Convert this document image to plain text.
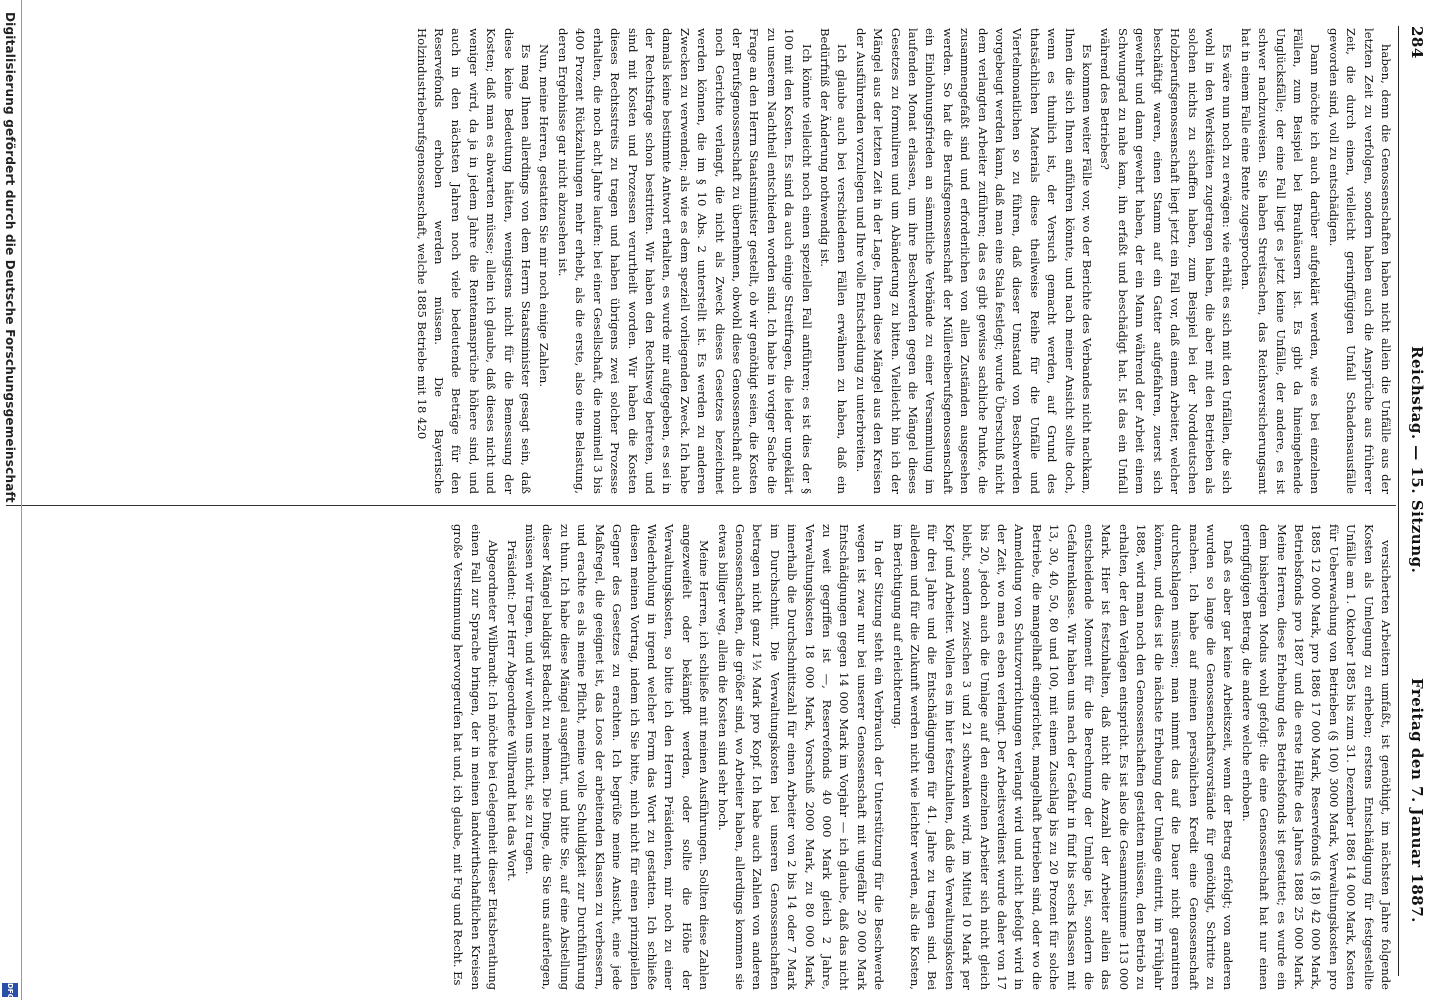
284
Reichstag. — 15. Sitzung.
Freitag den 7. Januar 1887.

haben, denn die Genossenschaften haben nicht allein die Unfälle aus der letzten Zeit zu verfolgen, sondern haben auch die Ansprüche aus früherer Zeit, die durch einen, vielleicht geringfügigen Unfall Schadensausfälle geworden sind, voll zu entschädigen.

Dann möchte ich auch darüber aufgeklärt werden, wie es bei einzelnen Fällen, zum Beispiel bei Brauhäusern ist. Es gibt da hineingehende Unglücksfälle; der eine Fall liegt es jetzt keine Unfälle, der andere, es ist schwer nachzuweisen. Sie haben Streitsachen, das Reichsversicherungsamt hat in einem Falle eine Rente zugesprochen.

Es wäre nun noch zu erwägen: wie erhält es sich mit den Unfällen, die sich wohl in den Werkstätten zugetragen haben, die aber mit den Betrieben als solchen nichts zu schaffen haben, zum Beispiel bei der Norddeutschen Holzberufsgenossenschaft liegt jetzt ein Fall vor, daß einem Arbeiter, welcher beschäftigt waren, einen Stamm auf ein Gatter aufgefahren, zuerst sich gewehrt und dann gewehrt haben, der ein Mann während der Arbeit einem Schwungrad zu nahe kam, ihn erfaßt und beschädigt hat. Ist das ein Unfall während des Betriebes?

Es kommen weiter Fälle vor, wo der Berichte des Verbandes nicht nachkam, Ihnen die sich Ihnen anführen könnte, und nach meiner Ansicht sollte doch, wenn es thunlich ist, der Versuch gemacht werden, auf Grund des thatsächlichen Materials diese theilweise Reihe für die Unfälle und Viertelmonatlichen so zu führen, daß dieser Umstand von Beschwerden vorgebeugt werden kann, daß man eine Stala festlegt; wurde Überschuß nicht dem verlangten Arbeiter zuführen; das es gibt gewisse sachliche Punkte, die zusammengefaßt sind und erforderlichen von allen Zuständen ausgesehen werden. So hat die Berufsgenossenschaft der Müllereiberufsgenossenschaft ein Einlohnungsfrieden an sämmtliche Verbände zu einer Versammlung im laufenden Monat erlassen, um ihre Beschwerden gegen die Mängel dieses Gesetzes zu formuliren und um Abänderung zu bitten. Vielleicht bin ich der Mängel aus der letzten Zeit in der Lage, Ihnen diese Mängel aus den Kreisen der Ausführenden vorzulegen und Ihre volle Entscheidung zu unterbreiten.

Ich glaube auch bei verschiedenen Fällen erwähnen zu haben, daß ein Bedürfniß der Änderung nothwendig ist.

Ich könnte vielleicht noch einen speziellen Fall anführen; es ist dies der § 100 mit den Kosten. Es sind da auch einige Streitfragen, die leider ungeklärt zu unserem Nachtheil entschieden worden sind. Ich habe in voriger Sache die Frage an den Herrn Staatsminister gestellt, ob wir genöthigt seien, die Kosten der Berufsgenossenschaft zu übernehmen, obwohl diese Genossenschaft auch noch Gerichte verlangt, die nicht als Zweck dieses Gesetzes bezeichnet werden können, die im § 10 Abs. 2 unterstellt ist. Es werden zu anderen Zwecken zu verwenden; als wie es dem speziell vorliegenden Zweck. Ich habe damals keine bestimmte Antwort erhalten, es wurde mir aufgegeben, es sei in der Rechtsfrage schon bestritten. Wir haben den Rechtsweg betreten, und sind mit Kosten und Prozessen verurtheilt worden. Wir haben die Kosten dieses Rechtsstreits zu tragen und haben übrigens zwei solcher Prozesse erhalten, die noch acht Jahre laufen: bei einer Gesellschaft, die nominell 3 bis 400 Prozent Rückzahlungen mehr erhebt, als die erste, also eine Belastung, deren Ergebnisse gar nicht abzusehen ist.

Nun, meine Herren, gestatten Sie mir noch einige Zahlen.

Es mag Ihnen allerdings von dem Herrn Staatsminister gesagt sein, daß diese keine Bedeutung hätten, wenigstens nicht für die Bemessung der Kosten; daß man es abwarten müsse; allein ich glaube, daß dieses nicht und weniger wird, da ja in jedem Jahre die Rentenansprüche höhere sind, und auch in den nächsten Jahren noch viele bedeutende Beträge für den Reservefonds erhoben werden müssen. Die Bayerische Holzindustrieberufsgenossenschaft, welche 1885 Betriebe mit 18 420

versicherten Arbeitern umfaßt, ist genöthigt, im nächsten Jahre folgende Kosten als Umlegung zu erheben; erstens Entschädigung für festgestellte Unfälle am 1. Oktober 1885 bis zum 31. Dezember 1886 14 000 Mark, Kosten für Ueberwachung von Betrieben (§ 100) 3000 Mark, Verwaltungskosten pro 1885 12 000 Mark, pro 1886 17 000 Mark, Reservefonds (§ 18) 42 000 Mark, Betriebsfonds pro 1887 und die erste Hälfte des Jahres 1888 25 000 Mark. Meine Herren, diese Erhebung des Betriebsfonds ist gestattet; es wurde ein dem bisherigen Modus wohl gefolgt: die eine Genossenschaft hat nur einen geringfügigen Betrag, die andere welche erhoben.

Daß es aber gar keine Arbeitszeit, wenn der Betrag erfolgt; von anderen wurden so lange die Genossenschaftsvorstände für genöthigt, Schritte zu machen. Ich habe auf meinen persönlichen Kredit eine Genossenschaft durchschlagen müssen; man nimmt das auf die Dauer nicht garantiren können, und dies ist die nächste Erhebung der Umlage eintritt, im Frühjahr 1888, wird man noch den Genossenschaften gestatten müssen, den Betrieb zu erhalten, der den Verlagen entspricht. Es ist also die Gesammtsumme 113 000 Mark. Hier ist festzuhalten, daß nicht die Anzahl der Arbeiter allein das entscheidende Moment für die Berechnung der Umlage ist, sondern die Gefahrenklasse. Wir haben uns nach der Gefahr in fünf bis sechs Klassen mit 13, 30, 40, 50, 80 und 100, mit einem Zuschlag bis zu 20 Prozent für solche Betriebe, die mangelhaft eingerichtet, mangelhaft betrieben sind, oder wo die Anmeldung von Schutzvorrichtungen verlangt wird und nicht befolgt wird in der Zeit, wo man es eben verlangt. Der Arbeitsverdienst wurde daher von 17 bis 20, jedoch auch die Umlage auf den einzelnen Arbeiter sich nicht gleich bleibt, sondern zwischen 3 und 21 schwanken wird, im Mittel 10 Mark per Kopf und Arbeiter. Wollen es im hier festzuhalten, daß die Verwaltungskosten für drei Jahre und die Entschädigungen für 41. Jahre zu tragen sind. Bei alledem und für die Zukunft werden nicht wie leichter werden, als die Kosten, im Berichtigung auf erleichterung.

In der Sitzung steht ein Verbrauch der Unterstützung für die Beschwerde wegen ist zwar nur bei unserer Genossenschaft mit ungefähr 20 000 Mark Entschädigungen gegen 14 000 Mark im Vorjahr — ich glaube, daß das nicht zu weit gegriffen ist —, Reservefonds 40 000 Mark gleich 2 Jahre, Verwaltungskosten 18 000 Mark, Vorschuß 2000 Mark, zu 80 000 Mark, innerhalb die Durchschnittszahl für einen Arbeiter von 2 bis 14 oder 7 Mark im Durchschnitt. Die Verwaltungskosten bei unseren Genossenschaften betragen nicht ganz 1½ Mark pro Kopf. Ich habe auch Zahlen von anderen Genossenschaften, die größer sind, wo Arbeiter haben, allerdings kommen sie etwas billiger weg, allein die Kosten sind sehr hoch.

Meine Herren, ich schließe mit meinen Ausführungen. Sollten diese Zahlen angezweifelt oder bekämpft werden, oder sollte die Höhe der Verwaltungskosten, so bitte ich den Herrn Präsidenten, mir noch zu einer Wiederholung in irgend welcher Form das Wort zu gestatten. Ich schließe diesen meinen Vortrag, indem ich Sie bitte, mich nicht für einen prinzipiellen Gegner des Gesetzes zu erachten. Ich begrüße meine Ansicht, eine jede Maßregel, die geeignet ist, das Loos der arbeitenden Klassen zu verbessern, und erachte es als meine Pflicht, meine volle Schuldigkeit zur Durchführung zu thun. Ich habe diese Mängel ausgeführt, und bitte Sie, auf eine Abstellung dieser Mängel baldigst Bedacht zu nehmen. Die Dinge, die Sie uns auferlegen, müssen wir tragen, und wir wollen uns nicht, sie zu tragen.

Präsident: Der Herr Abgeordnete Wilbrandt hat das Wort.

Abgeordneter Wilbrandt: Ich möchte bei Gelegenheit dieser Etatsberathung einen Fall zur Sprache bringen, der in meinen landwirthschaftlichen Kreisen große Verstimmung hervorgerufen hat und, ich glaube, mit Fug und Recht. Es

Digitalisierung gefördert durch die Deutsche Forschungsgemeinschaft
DFG
